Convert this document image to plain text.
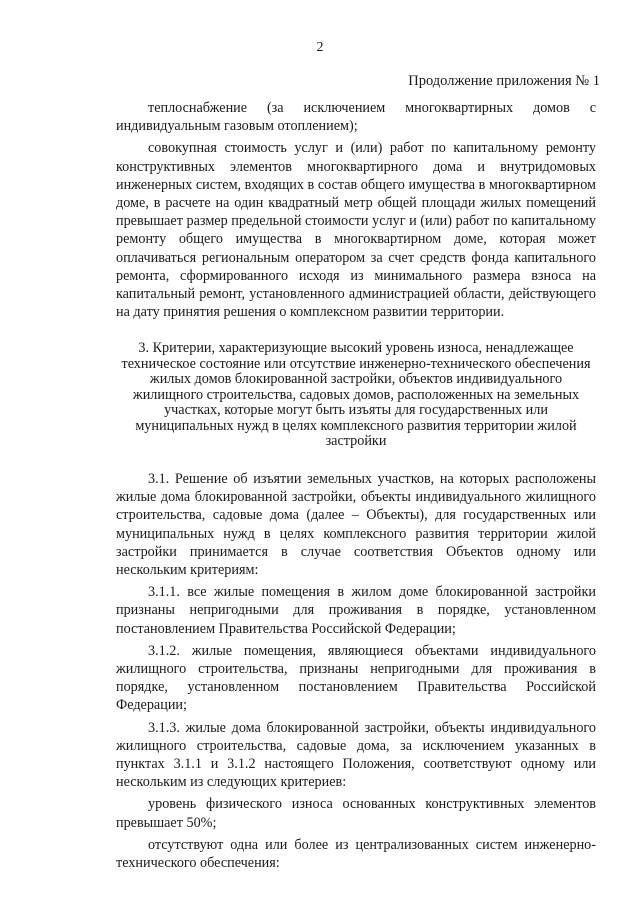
2
Продолжение приложения № 1

теплоснабжение (за исключением многоквартирных домов с индивидуальным газовым отоплением);

совокупная стоимость услуг и (или) работ по капитальному ремонту конструктивных элементов многоквартирного дома и внутридомовых инженерных систем, входящих в состав общего имущества в многоквартирном доме, в расчете на один квадратный метр общей площади жилых помещений превышает размер предельной стоимости услуг и (или) работ по капитальному ремонту общего имущества в многоквартирном доме, которая может оплачиваться региональным оператором за счет средств фонда капитального ремонта, сформированного исходя из минимального размера взноса на капитальный ремонт, установленного администрацией области, действующего на дату принятия решения о комплексном развитии территории.

3. Критерии, характеризующие высокий уровень износа, ненадлежащее техническое состояние или отсутствие инженерно-технического обеспечения жилых домов блокированной застройки, объектов индивидуального жилищного строительства, садовых домов, расположенных на земельных участках, которые могут быть изъяты для государственных или муниципальных нужд в целях комплексного развития территории жилой застройки

3.1. Решение об изъятии земельных участков, на которых расположены жилые дома блокированной застройки, объекты индивидуального жилищного строительства, садовые дома (далее – Объекты), для государственных или муниципальных нужд в целях комплексного развития территории жилой застройки принимается в случае соответствия Объектов одному или нескольким критериям:

3.1.1. все жилые помещения в жилом доме блокированной застройки признаны непригодными для проживания в порядке, установленном постановлением Правительства Российской Федерации;

3.1.2. жилые помещения, являющиеся объектами индивидуального жилищного строительства, признаны непригодными для проживания в порядке, установленном постановлением Правительства Российской Федерации;

3.1.3. жилые дома блокированной застройки, объекты индивидуального жилищного строительства, садовые дома, за исключением указанных в пунктах 3.1.1 и 3.1.2 настоящего Положения, соответствуют одному или нескольким из следующих критериев:

уровень физического износа основанных конструктивных элементов превышает 50%;

отсутствуют одна или более из централизованных систем инженерно-технического обеспечения:
